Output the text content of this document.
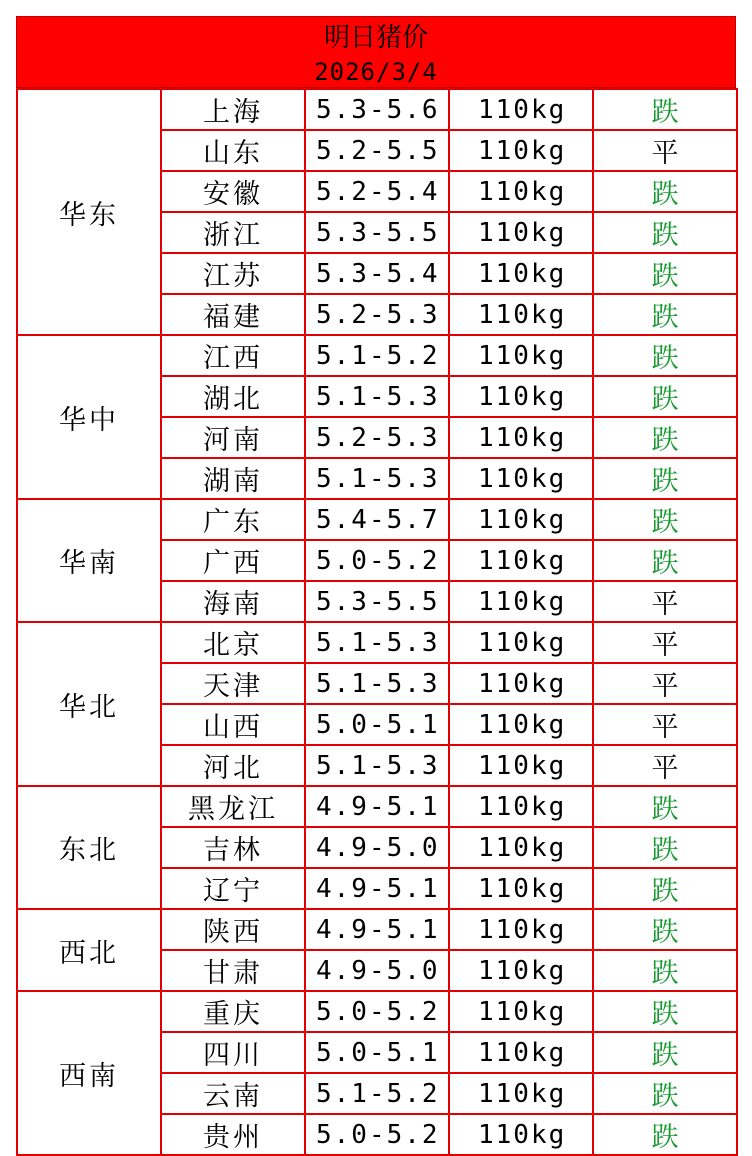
明日猪价
2026/3/4
华东	上海	5.3-5.6	110kg	跌
	山东	5.2-5.5	110kg	平
	安徽	5.2-5.4	110kg	跌
	浙江	5.3-5.5	110kg	跌
	江苏	5.3-5.4	110kg	跌
	福建	5.2-5.3	110kg	跌
华中	江西	5.1-5.2	110kg	跌
	湖北	5.1-5.3	110kg	跌
	河南	5.2-5.3	110kg	跌
	湖南	5.1-5.3	110kg	跌
华南	广东	5.4-5.7	110kg	跌
	广西	5.0-5.2	110kg	跌
	海南	5.3-5.5	110kg	平
华北	北京	5.1-5.3	110kg	平
	天津	5.1-5.3	110kg	平
	山西	5.0-5.1	110kg	平
	河北	5.1-5.3	110kg	平
东北	黑龙江	4.9-5.1	110kg	跌
	吉林	4.9-5.0	110kg	跌
	辽宁	4.9-5.1	110kg	跌
西北	陕西	4.9-5.1	110kg	跌
	甘肃	4.9-5.0	110kg	跌
西南	重庆	5.0-5.2	110kg	跌
	四川	5.0-5.1	110kg	跌
	云南	5.1-5.2	110kg	跌
	贵州	5.0-5.2	110kg	跌
